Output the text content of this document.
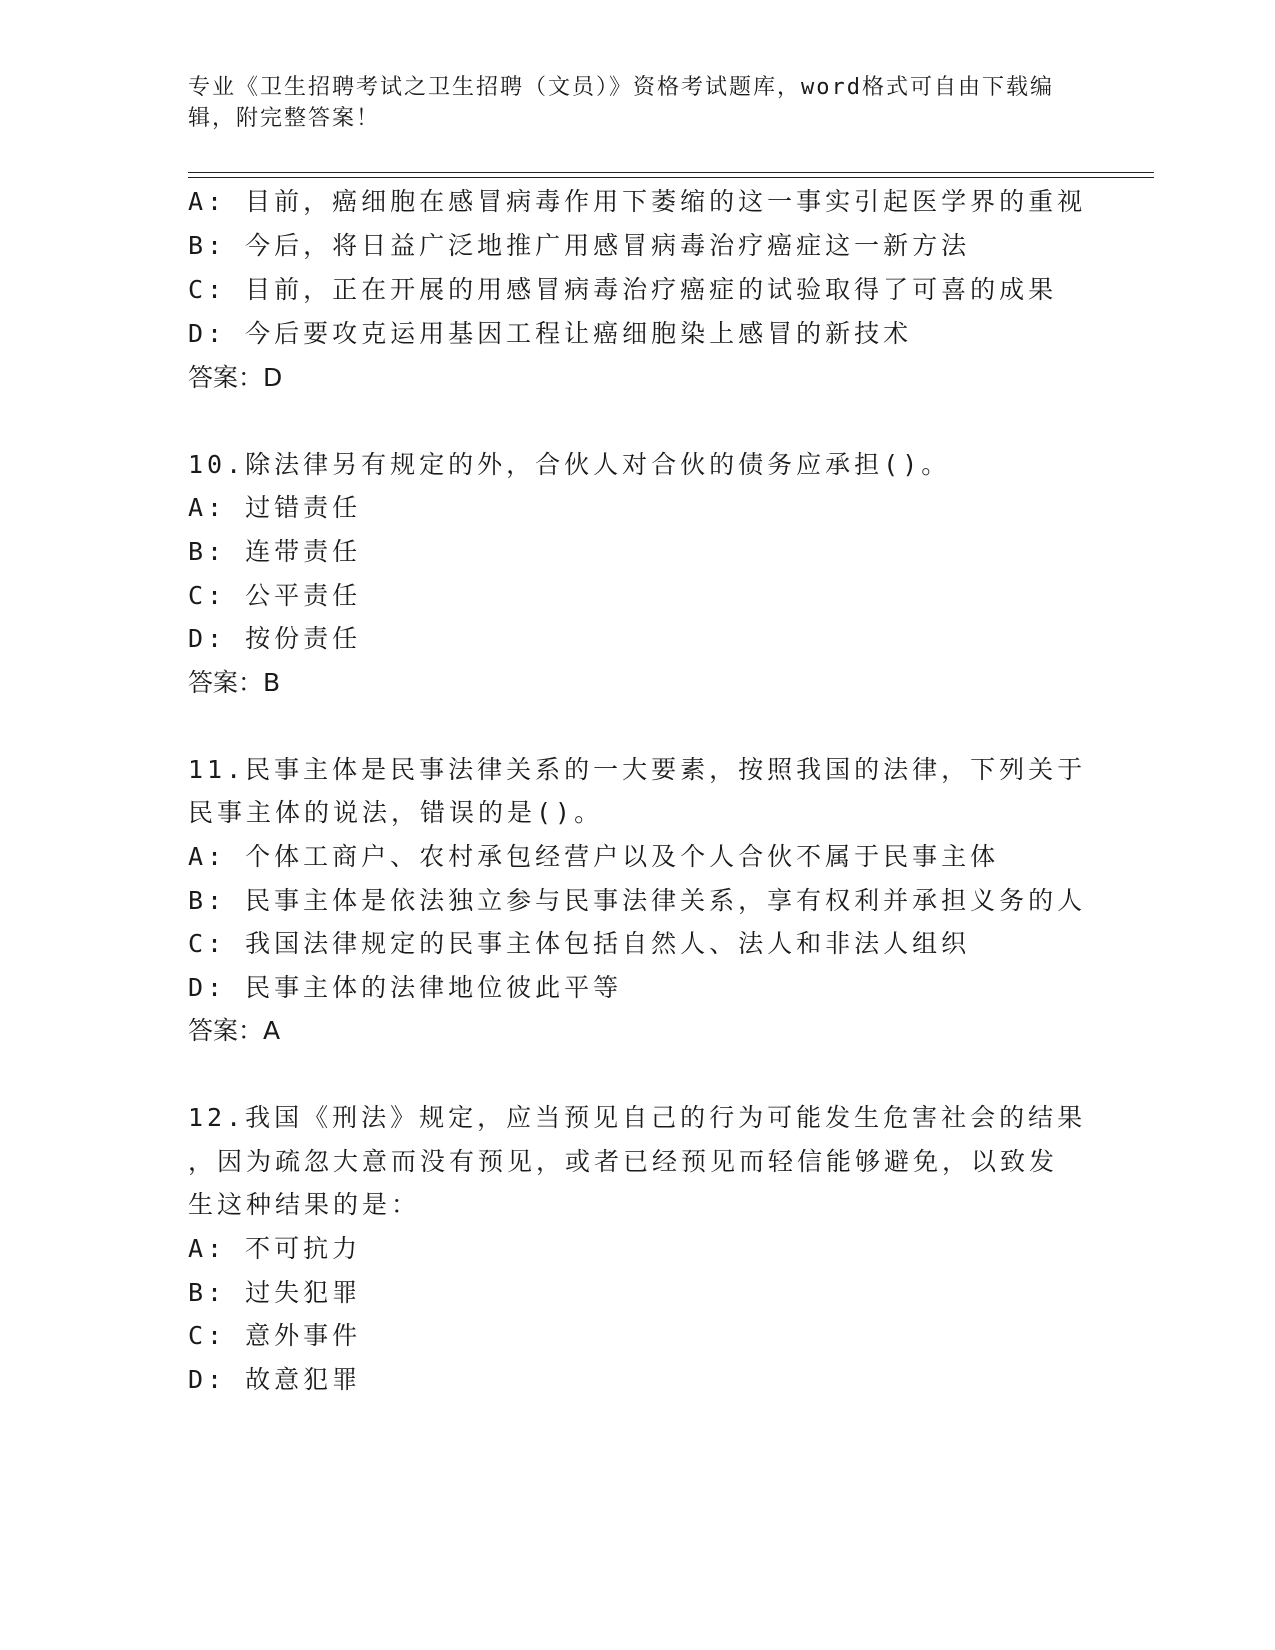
专业《卫生招聘考试之卫生招聘（文员）》资格考试题库，word格式可自由下载编辑，附完整答案！
A: 目前，癌细胞在感冒病毒作用下萎缩的这一事实引起医学界的重视
B: 今后，将日益广泛地推广用感冒病毒治疗癌症这一新方法
C: 目前，正在开展的用感冒病毒治疗癌症的试验取得了可喜的成果
D: 今后要攻克运用基因工程让癌细胞染上感冒的新技术
答案：D
10.除法律另有规定的外，合伙人对合伙的债务应承担()。
A: 过错责任
B: 连带责任
C: 公平责任
D: 按份责任
答案：B
11.民事主体是民事法律关系的一大要素，按照我国的法律，下列关于
民事主体的说法，错误的是()。
A: 个体工商户、农村承包经营户以及个人合伙不属于民事主体
B: 民事主体是依法独立参与民事法律关系，享有权利并承担义务的人
C: 我国法律规定的民事主体包括自然人、法人和非法人组织
D: 民事主体的法律地位彼此平等
答案：A
12.我国《刑法》规定，应当预见自己的行为可能发生危害社会的结果
，因为疏忽大意而没有预见，或者已经预见而轻信能够避免，以致发
生这种结果的是：
A: 不可抗力
B: 过失犯罪
C: 意外事件
D: 故意犯罪
